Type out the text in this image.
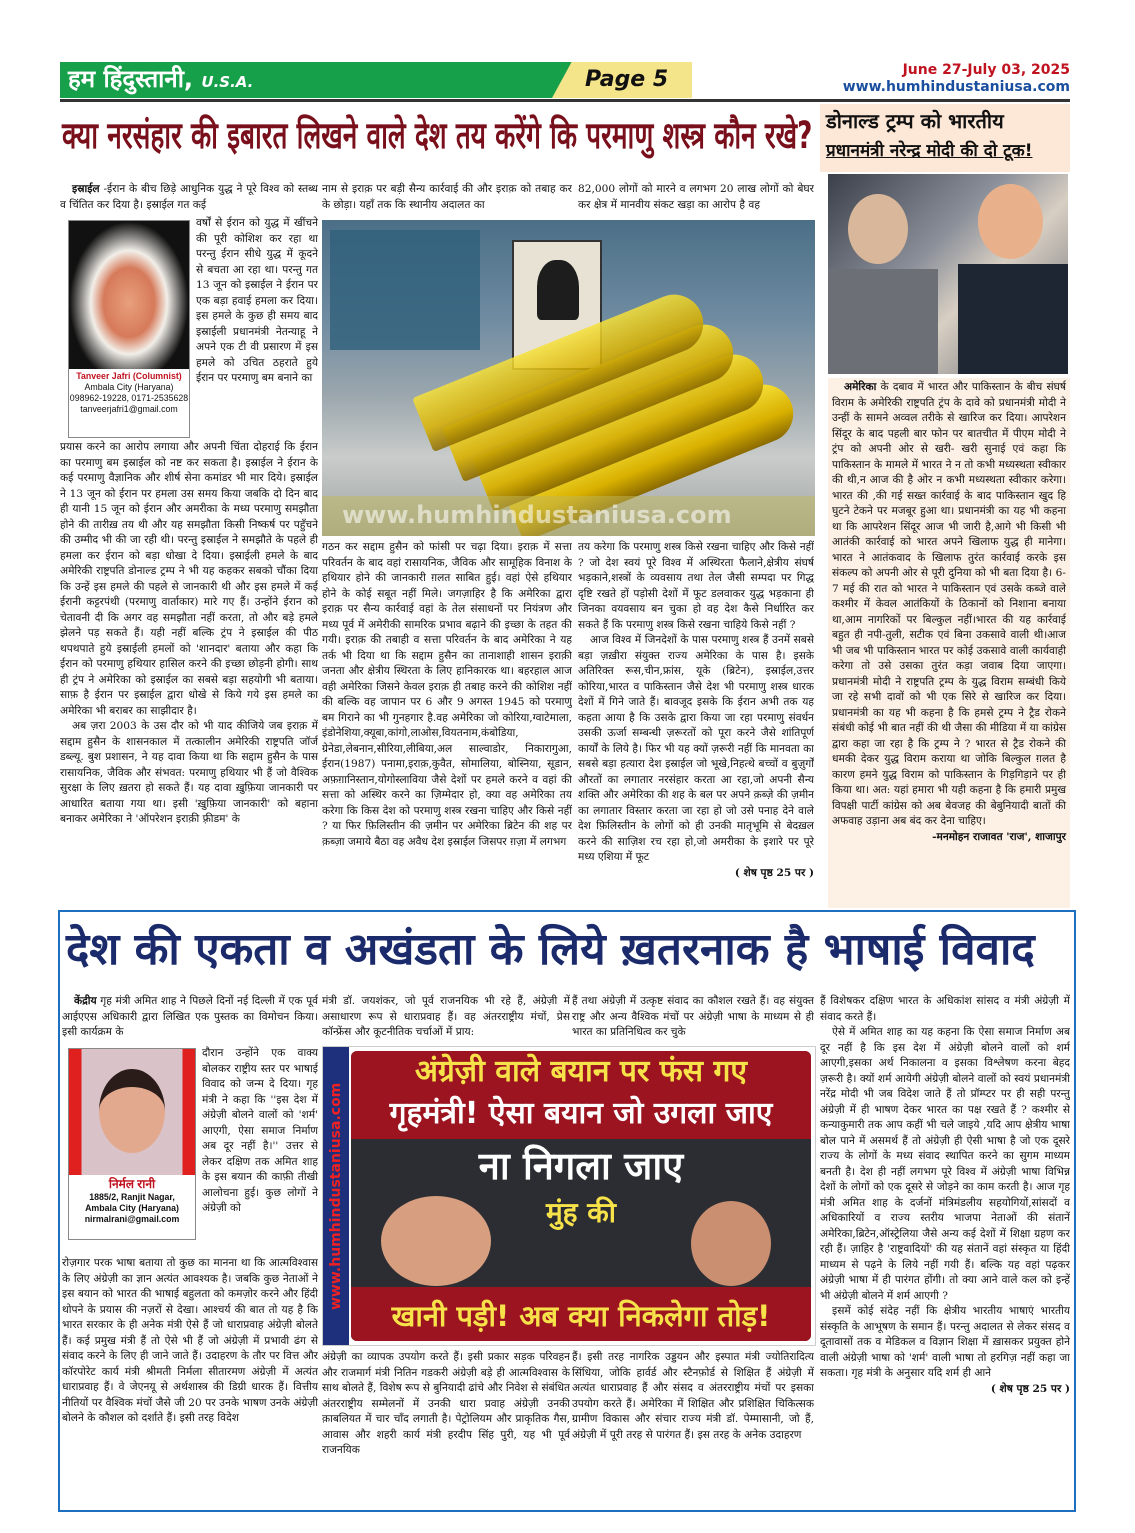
हम हिंदुस्तानी, U.S.A.	Page 5	June 27-July 03, 2025
www.humhindustaniusa.com
क्या नरसंहार की इबारत लिखने वाले देश तय करेंगे कि परमाणु शस्त्र कौन रखे?

इस्राईल -ईरान के बीच छिड़े आधुनिक युद्ध ने पूरे विश्व को स्तब्ध व चिंतित कर दिया है। इस्राईल गत कई

Tanveer Jafri (Columnist)
Ambala City (Haryana)
098962-19228, 0171-2535628
tanveerjafri1@gmail.com
वर्षों से ईरान को युद्ध में खींचने की पूरी कोशिश कर रहा था परन्तु ईरान सीधे युद्ध में कूदने से बचता आ रहा था। परन्तु गत 13 जून को इस्राईल ने ईरान पर एक बड़ा हवाई हमला कर दिया। इस हमले के कुछ ही समय बाद इस्राईली प्रधानमंत्री नेतन्याहू ने अपने एक टी वी प्रसारण में इस हमले को उचित ठहराते हुये ईरान पर परमाणु बम बनाने का
प्रयास करने का आरोप लगाया और अपनी चिंता दोहराई कि ईरान का परमाणु बम इस्राईल को नष्ट कर सकता है। इस्राईल ने ईरान के कई परमाणु वैज्ञानिक और शीर्ष सेना कमांडर भी मार दिये। इस्राईल ने 13 जून को ईरान पर हमला उस समय किया जबकि दो दिन बाद ही यानी 15 जून को ईरान और अमरीका के मध्य परमाणु समझौता होने की तारीख़ तय थी और यह समझौता किसी निष्कर्ष पर पहुँचने की उम्मीद भी की जा रही थी। परन्तु इस्राईल ने समझौते के पहले ही हमला कर ईरान को बड़ा धोखा दे दिया। इस्राईली हमले के बाद अमेरिकी राष्ट्रपति डोनाल्ड ट्रम्प ने भी यह कहकर सबको चौंका दिया कि उन्हें इस हमले की पहले से जानकारी थी और इस हमले में कई ईरानी कट्टरपंथी (परमाणु वार्ताकार) मारे गए हैं। उन्होंने ईरान को चेतावनी दी कि अगर वह समझौता नहीं करता, तो और बड़े हमले झेलने पड़ सकते हैं। यही नहीं बल्कि ट्रंप ने इस्राईल की पीठ थपथपाते हुये इस्राईली हमलों को 'शानदार' बताया और कहा कि ईरान को परमाणु हथियार हासिल करने की इच्छा छोड़नी होगी। साथ ही ट्रंप ने अमेरिका को इस्राईल का सबसे बड़ा सहयोगी भी बताया। साफ़ है ईरान पर इस्राईल द्वारा धोखे से किये गये इस हमले का अमेरिका भी बराबर का साझीदार है।

अब ज़रा 2003 के उस दौर को भी याद कीजिये जब इराक़ में सद्दाम हुसैन के शासनकाल में तत्कालीन अमेरिकी राष्ट्रपति जॉर्ज डब्ल्यू. बुश प्रशासन, ने यह दावा किया था कि सद्दाम हुसैन के पास रासायनिक, जैविक और संभवत: परमाणु हथियार भी हैं जो वैश्विक सुरक्षा के लिए ख़तरा हो सकते हैं। यह दावा ख़ुफ़िया जानकारी पर आधारित बताया गया था। इसी 'ख़ुफ़िया जानकारी' को बहाना बनाकर अमेरिका ने 'ऑपरेशन इराक़ी फ़्रीडम' के

नाम से इराक़ पर बड़ी सैन्य कार्रवाई की और इराक़ को तबाह कर के छोड़ा। यहाँ तक कि स्थानीय अदालत का
82,000 लोगों को मारने व लगभग 20 लाख लोगों को बेघर कर क्षेत्र में मानवीय संकट खड़ा का आरोप है वह
www.humhindustaniusa.com
गठन कर सद्दाम हुसैन को फांसी पर चढ़ा दिया। इराक़ में सत्ता परिवर्तन के बाद वहां रासायनिक, जैविक और सामूहिक विनाश के हथियार होने की जानकारी ग़लत साबित हुई। वहां ऐसे हथियार होने के कोई सबूत नहीं मिले। जगज़ाहिर है कि अमेरिका द्वारा इराक़ पर सैन्य कार्रवाई वहां के तेल संसाधनों पर नियंत्रण और मध्य पूर्व में अमेरीकी सामरिक प्रभाव बढ़ाने की इच्छा के तहत की गयी। इराक़ की तबाही व सत्ता परिवर्तन के बाद अमेरिका ने यह तर्क भी दिया था कि सद्दाम हुसैन का तानाशाही शासन इराक़ी जनता और क्षेत्रीय स्थिरता के लिए हानिकारक था। बहरहाल आज वही अमेरिका जिसने केवल इराक़ ही तबाह करने की कोशिश नहीं की बल्कि वह जापान पर 6 और 9 अगस्त 1945 को परमाणु बम गिराने का भी गुनहगार है.वह अमेरिका जो कोरिया,ग्वाटेमाला, इंडोनेशिया,क्यूबा,कांगो,लाओस,वियतनाम,कंबोडिया, ग्रेनेडा,लेबनान,सीरिया,लीबिया,अल साल्वाडोर, निकारागुआ, ईरान(1987) पनामा,इराक़,कुवैत, सोमालिया, बोस्निया, सूडान, अफ़ग़ानिस्तान,योगोस्लाविया जैसे देशों पर हमले करने व वहां की सत्ता को अस्थिर करने का ज़िम्मेदार हो, क्या वह अमेरिका तय करेगा कि किस देश को परमाणु शस्त्र रखना चाहिए और किसे नहीं ? या फिर फ़िलिस्तीन की ज़मीन पर अमेरिका ब्रिटेन की शह पर क़ब्ज़ा जमाये बैठा वह अवैध देश इस्राईल जिसपर ग़ज़ा में लगभग
तय करेगा कि परमाणु शस्त्र किसे रखना चाहिए और किसे नहीं ? जो देश स्वयं पूरे विश्व में अस्थिरता फैलाने,क्षेत्रीय संघर्ष भड़काने,शस्त्रों के व्यवसाय तथा तेल जैसी सम्पदा पर गिद्ध दृष्टि रखते हों पड़ोसी देशों में फूट डलवाकर युद्ध भड़काना ही जिनका वयवसाय बन चुका हो वह देश कैसे निर्धारित कर सकते हैं कि परमाणु शस्त्र किसे रखना चाहिये किसे नहीं ?

आज विश्व में जिनदेशों के पास परमाणु शस्त्र हैं उनमें सबसे बड़ा ज़ख़ीरा संयुक्त राज्य अमेरिका के पास है। इसके अतिरिक्त रूस,चीन,फ्रांस, यूके (ब्रिटेन), इस्राईल,उत्तर कोरिया,भारत व पाकिस्तान जैसे देश भी परमाणु शस्त्र धारक देशों में गिने जाते हैं। बावजूद इसके कि ईरान अभी तक यह कहता आया है कि उसके द्वारा किया जा रहा परमाणु संवर्धन उसकी ऊर्जा सम्बन्धी ज़रूरतों को पूरा करने जैसे शांतिपूर्ण कार्यों के लिये है। फिर भी यह क्यों ज़रूरी नहीं कि मानवता का सबसे बड़ा हत्यारा देश इस्राईल जो भूखे,निहत्थे बच्चों व बुज़ुर्गों औरतों का लगातार नरसंहार करता आ रहा,जो अपनी सैन्य शक्ति और अमेरिका की शह के बल पर अपने क़ब्ज़े की ज़मीन का लगातार विस्तार करता जा रहा हो जो उसे पनाह देने वाले देश फ़िलिस्तीन के लोगों को ही उनकी मातृभूमि से बेदख़ल करने की साज़िश रच रहा हो,जो अमरीका के इशारे पर पूरे मध्य एशिया में फूट

( शेष पृष्ठ 25 पर )
डोनाल्ड ट्रम्प को भारतीय
प्रधानमंत्री नरेन्द्र मोदी की दो टूक!

अमेरिका के दबाव में भारत और पाकिस्तान के बीच संघर्ष विराम के अमेरिकी राष्ट्रपति ट्रंप के दावे को प्रधानमंत्री मोदी ने उन्हीं के सामने अव्वल तरीके से खारिज कर दिया। आपरेशन सिंदूर के बाद पहली बार फोन पर बातचीत में पीएम मोदी ने ट्रंप को अपनी ओर से खरी- खरी सुनाई एवं कहा कि पाकिस्तान के मामले में भारत ने न तो कभी मध्यस्थता स्वीकार की थी,न आज की है ओर न कभी मध्यस्थता स्वीकार करेगा। भारत की ,की गई सख्त कार्रवाई के बाद पाकिस्तान खुद हि घुटने टेकने पर मजबूर हुआ था। प्रधानमंत्री का यह भी कहना था कि आपरेशन सिंदूर आज भी जारी है,आगे भी किसी भी आतंकी कार्रवाई को भारत अपने खिलाफ युद्ध ही मानेगा।भारत ने आतंकवाद के खिलाफ तुरंत कार्रवाई करके इस संकल्प को अपनी ओर से पूरी दुनिया को भी बता दिया है। 6- 7 मई की रात को भारत ने पाकिस्तान एवं उसके कब्जे वाले कश्मीर में केवल आतंकियों के ठिकानों को निशाना बनाया था,आम नागरिकों पर बिल्कुल नहीं।भारत की यह कार्रवाई बहुत ही नपी-तुली, सटीक एवं बिना उकसावे वाली थी।आज भी जब भी पाकिस्तान भारत पर कोई उकसावे वाली कार्यवाही करेगा तो उसे उसका तुरंत कड़ा जवाब दिया जाएगा। प्रधानमंत्री मोदी ने राष्ट्रपति ट्रम्प के युद्ध विराम सम्बंधी किये जा रहे सभी दावों को भी एक सिरे से खारिज कर दिया। प्रधानमंत्री का यह भी कहना है कि हमसे ट्रम्प ने ट्रैड रोकने संबंधी कोई भी बात नहीं की थी जैसा की मीडिया में या कांग्रेस द्वारा कहा जा रहा है कि ट्रम्प ने ? भारत से ट्रैड रोकने की धमकी देकर युद्ध विराम कराया था जोकि बिल्कुल ग़लत है कारण हमने युद्ध विराम को पाकिस्तान के गिड़गिड़ाने पर ही किया था। अत: यहां हमारा भी यही कहना है कि हमारी प्रमुख विपक्षी पार्टी कांग्रेस को अब बेवजह की बेबुनियादी बातों की अफवाह उड़ाना अब बंद कर देना चाहिए।

-मनमोहन राजावत 'राज', शाजापुर
देश की एकता व अखंडता के लिये ख़तरनाक है भाषाई विवाद

केंद्रीय गृह मंत्री अमित शाह ने पिछले दिनों नई दिल्ली में एक पूर्व आईएएस अधिकारी द्वारा लिखित एक पुस्तक का विमोचन किया। इसी कार्यक्रम के

निर्मल रानी
1885/2, Ranjit Nagar,
Ambala City (Haryana)
nirmalrani@gmail.com
दौरान उन्होंने एक वाक्य बोलकर राष्ट्रीय स्तर पर भाषाई विवाद को जन्म दे दिया। गृह मंत्री ने कहा कि ''इस देश में अंग्रेज़ी बोलने वालों को 'शर्म' आएगी, ऐसा समाज निर्माण अब दूर नहीं है।'' उत्तर से लेकर दक्षिण तक अमित शाह के इस बयान की काफ़ी तीखी आलोचना हुई। कुछ लोगों ने अंग्रेज़ी को
रोज़गार परक भाषा बताया तो कुछ का मानना था कि आत्मविश्वास के लिए अंग्रेज़ी का ज्ञान अत्यंत आवश्यक है। जबकि कुछ नेताओं ने इस बयान को भारत की भाषाई बहुलता को कमज़ोर करने और हिंदी थोपने के प्रयास की नज़रों से देखा। आश्चर्य की बात तो यह है कि भारत सरकार के ही अनेक मंत्री ऐसे हैं जो धाराप्रवाह अंग्रेज़ी बोलते हैं। कई प्रमुख मंत्री हैं तो ऐसे भी हैं जो अंग्रेज़ी में प्रभावी ढंग से संवाद करने के लिए ही जाने जाते हैं। उदाहरण के तौर पर वित्त और कॉरपोरेट कार्य मंत्री श्रीमती निर्मला सीतारमण अंग्रेज़ी में अत्यंत धाराप्रवाह हैं। वे जेएनयू से अर्थशास्त्र की डिग्री धारक हैं। वित्तीय नीतियों पर वैश्विक मंचों जैसे जी 20 पर उनके भाषण उनके अंग्रेज़ी बोलने के कौशल को दर्शाते हैं। इसी तरह विदेश
मंत्री डॉ. जयशंकर, जो पूर्व राजनयिक भी रहे हैं, अंग्रेज़ी में असाधारण रूप से धाराप्रवाह हैं। वह अंतरराष्ट्रीय मंचों, प्रेस कॉन्फ्रेंस और कूटनीतिक चर्चाओं में प्राय:
हैं तथा अंग्रेज़ी में उत्कृष्ट संवाद का कौशल रखते हैं। वह संयुक्त राष्ट्र और अन्य वैश्विक मंचों पर अंग्रेज़ी भाषा के माध्यम से ही भारत का प्रतिनिधित्व कर चुके
www.humhindustaniusa.com
अंग्रेज़ी वाले बयान पर फंस गए
गृहमंत्री! ऐसा बयान जो उगला जाए
ना निगला जाए
मुंह की
खानी पड़ी! अब क्या निकलेगा तोड़!
अंग्रेज़ी का व्यापक उपयोग करते हैं। इसी प्रकार सड़क परिवहन और राजमार्ग मंत्री नितिन गडकरी अंग्रेज़ी बड़े ही आत्मविश्वास के साथ बोलते हैं, विशेष रूप से बुनियादी ढांचे और निवेश से संबंधित अंतरराष्ट्रीय सम्मेलनों में उनकी धारा प्रवाह अंग्रेज़ी उनकी क़ाबलियत में चार चाँद लगाती है। पेट्रोलियम और प्राकृतिक गैस, आवास और शहरी कार्य मंत्री हरदीप सिंह पुरी, यह भी पूर्व राजनयिक
हैं। इसी तरह नागरिक उड्डयन और इस्पात मंत्री ज्योतिरादित्य सिंधिया, जोकि हार्वर्ड और स्टैनफ़ोर्ड से शिक्षित हैं अंग्रेज़ी में अत्यंत धाराप्रवाह हैं और संसद व अंतरराष्ट्रीय मंचों पर इसका उपयोग करते हैं। अमेरिका में शिक्षित और प्रशिक्षित चिकित्सक ग्रामीण विकास और संचार राज्य मंत्री डॉ. पेम्मासानी, जो हैं, अंग्रेज़ी में पूरी तरह से पारंगत हैं। इस तरह के अनेक उदाहरण
हैं विशेषकर दक्षिण भारत के अधिकांश सांसद व मंत्री अंग्रेज़ी में संवाद करते हैं।

ऐसे में अमित शाह का यह कहना कि ऐसा समाज निर्माण अब दूर नहीं है कि इस देश में अंग्रेज़ी बोलने वालों को शर्म आएगी,इसका अर्थ निकालना व इसका विश्लेषण करना बेहद ज़रूरी है। क्यों शर्म आयेगी अंग्रेज़ी बोलने वालों को स्वयं प्रधानमंत्री नरेंद्र मोदी भी जब विदेश जाते हैं तो प्रॉम्प्टर पर ही सही परन्तु अंग्रेज़ी में ही भाषण देकर भारत का पक्ष रखते हैं ? कश्मीर से कन्याकुमारी तक आप कहीं भी चले जाइये ,यदि आप क्षेत्रीय भाषा बोल पाने में असमर्थ हैं तो अंग्रेज़ी ही ऐसी भाषा है जो एक दूसरे राज्य के लोगों के मध्य संवाद स्थापित करने का सुगम माध्यम बनती है। देश ही नहीं लगभग पूरे विश्व में अंग्रेज़ी भाषा विभिन्न देशों के लोगों को एक दूसरे से जोड़ने का काम करती है। आज गृह मंत्री अमित शाह के दर्जनों मंत्रिमंडलीय सहयोगियों,सांसदों व अधिकारियों व राज्य स्तरीय भाजपा नेताओं की संतानें अमेरिका,ब्रिटेन,ऑस्ट्रेलिया जैसे अन्य कई देशों में शिक्षा ग्रहण कर रही हैं। ज़ाहिर है 'राष्ट्रवादियों' की यह संतानें वहां संस्कृत या हिंदी माध्यम से पढ़ने के लिये नहीं गयी हैं। बल्कि यह वहां पढ़कर अंग्रेज़ी भाषा में ही पारंगत होंगी। तो क्या आने वाले कल को इन्हें भी अंग्रेज़ी बोलने में शर्म आएगी ?

इसमें कोई संदेह नहीं कि क्षेत्रीय भारतीय भाषाएं भारतीय संस्कृति के आभूषण के समान हैं। परन्तु अदालत से लेकर संसद व दूतावासों तक व मेडिकल व विज्ञान शिक्षा में ख़ासकर प्रयुक्त होने वाली अंग्रेज़ी भाषा को 'शर्म' वाली भाषा तो हरगिज़ नहीं कहा जा सकता। गृह मंत्री के अनुसार यदि शर्म ही आने

( शेष पृष्ठ 25 पर )
